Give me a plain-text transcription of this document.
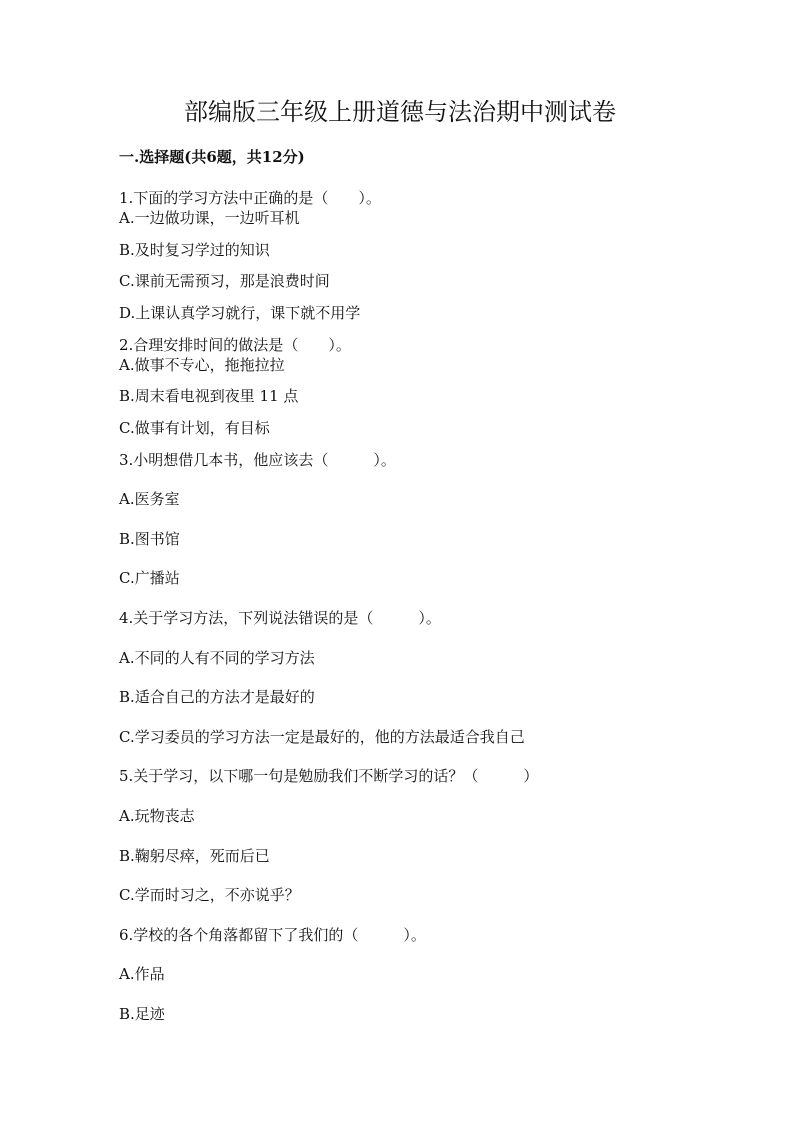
部编版三年级上册道德与法治期中测试卷
一.选择题(共6题，共12分)
1.下面的学习方法中正确的是（　　）。
A.一边做功课，一边听耳机
B.及时复习学过的知识
C.课前无需预习，那是浪费时间
D.上课认真学习就行，课下就不用学
2.合理安排时间的做法是（　　）。
A.做事不专心，拖拖拉拉
B.周末看电视到夜里 11 点
C.做事有计划，有目标
3.小明想借几本书，他应该去（　　　）。
A.医务室
B.图书馆
C.广播站
4.关于学习方法，下列说法错误的是（　　　）。
A.不同的人有不同的学习方法
B.适合自己的方法才是最好的
C.学习委员的学习方法一定是最好的，他的方法最适合我自己
5.关于学习，以下哪一句是勉励我们不断学习的话？（　　　）
A.玩物丧志
B.鞠躬尽瘁，死而后已
C.学而时习之，不亦说乎？
6.学校的各个角落都留下了我们的（　　　）。
A.作品
B.足迹
